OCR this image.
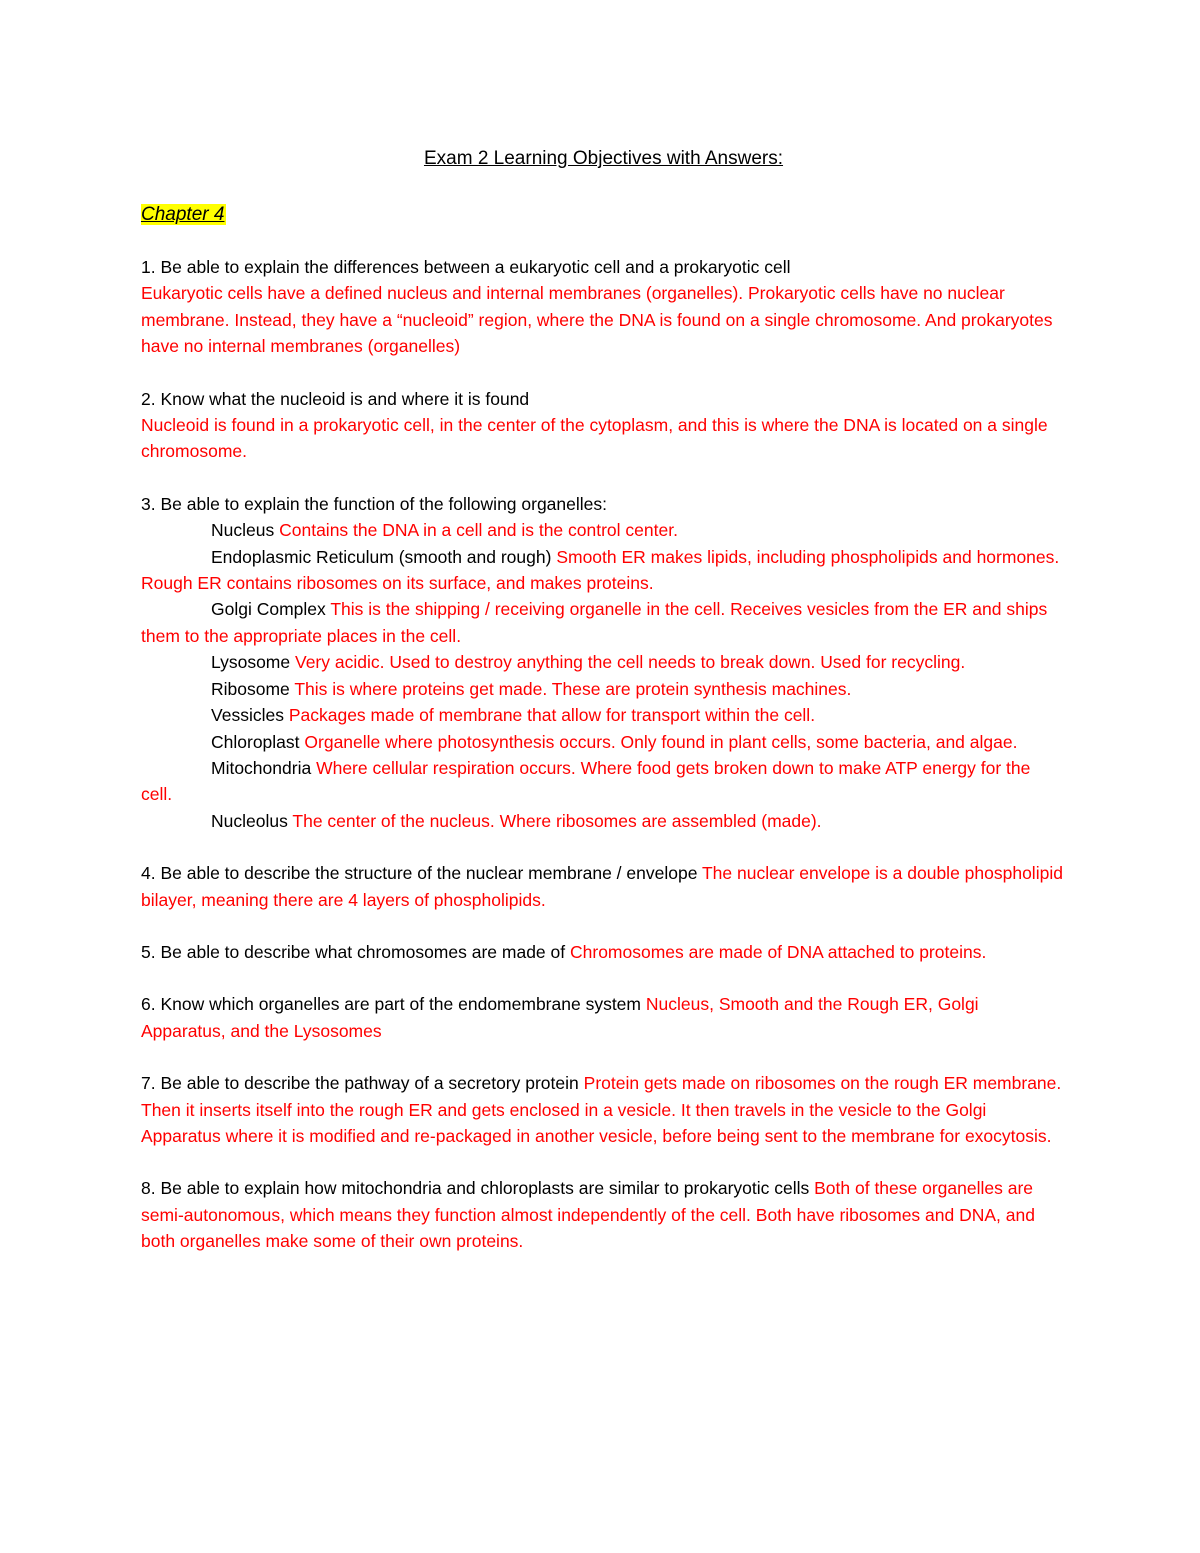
Exam 2 Learning Objectives with Answers:
Chapter 4

1. Be able to explain the differences between a eukaryotic cell and a prokaryotic cell

Eukaryotic cells have a defined nucleus and internal membranes (organelles). Prokaryotic cells have no nuclear membrane. Instead, they have a “nucleoid” region, where the DNA is found on a single chromosome. And prokaryotes have no internal membranes (organelles)

2. Know what the nucleoid is and where it is found

Nucleoid is found in a prokaryotic cell, in the center of the cytoplasm, and this is where the DNA is located on a single chromosome.

3. Be able to explain the function of the following organelles:

Nucleus Contains the DNA in a cell and is the control center.

Endoplasmic Reticulum (smooth and rough) Smooth ER makes lipids, including phospholipids and hormones.

Rough ER contains ribosomes on its surface, and makes proteins.

Golgi Complex This is the shipping / receiving organelle in the cell. Receives vesicles from the ER and ships them to the appropriate places in the cell.

Lysosome Very acidic. Used to destroy anything the cell needs to break down. Used for recycling.

Ribosome This is where proteins get made. These are protein synthesis machines.

Vessicles Packages made of membrane that allow for transport within the cell.

Chloroplast Organelle where photosynthesis occurs. Only found in plant cells, some bacteria, and algae.

Mitochondria Where cellular respiration occurs. Where food gets broken down to make ATP energy for the cell.

Nucleolus The center of the nucleus. Where ribosomes are assembled (made).

4. Be able to describe the structure of the nuclear membrane / envelope The nuclear envelope is a double phospholipid bilayer, meaning there are 4 layers of phospholipids.

5. Be able to describe what chromosomes are made of Chromosomes are made of DNA attached to proteins.

6. Know which organelles are part of the endomembrane system Nucleus, Smooth and the Rough ER, Golgi Apparatus, and the Lysosomes

7. Be able to describe the pathway of a secretory protein Protein gets made on ribosomes on the rough ER membrane. Then it inserts itself into the rough ER and gets enclosed in a vesicle. It then travels in the vesicle to the Golgi Apparatus where it is modified and re-packaged in another vesicle, before being sent to the membrane for exocytosis.

8. Be able to explain how mitochondria and chloroplasts are similar to prokaryotic cells Both of these organelles are semi-autonomous, which means they function almost independently of the cell. Both have ribosomes and DNA, and both organelles make some of their own proteins.
